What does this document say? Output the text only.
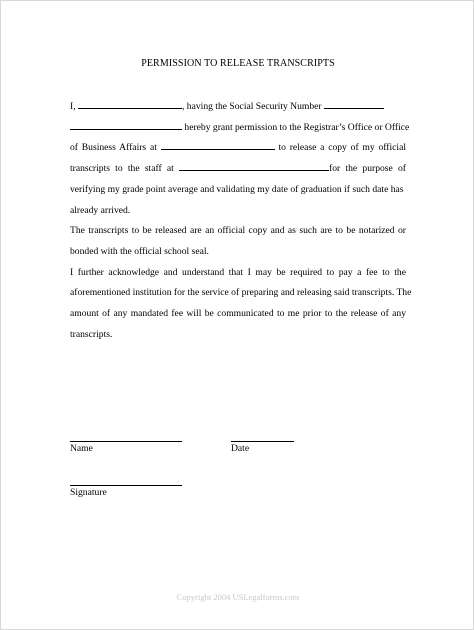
PERMISSION TO RELEASE TRANSCRIPTS
I,	, having the Social Security Number
hereby grant permission to the Registrar’s Office or Office
of Business Affairs at	to release a copy of my official
transcripts to the staff at	for the purpose of
verifying my grade point average and validating my date of graduation if such date has
already arrived.
The transcripts to be released are an official copy and as such are to be notarized or
bonded with the official school seal.
I further acknowledge and understand that I may be required to pay a fee to the
aforementioned institution for the service of preparing and releasing said transcripts. The
amount of any mandated fee will be communicated to me prior to the release of any
transcripts.
Name	Date
Signature
Copyright 2004 USLegalforms.com
